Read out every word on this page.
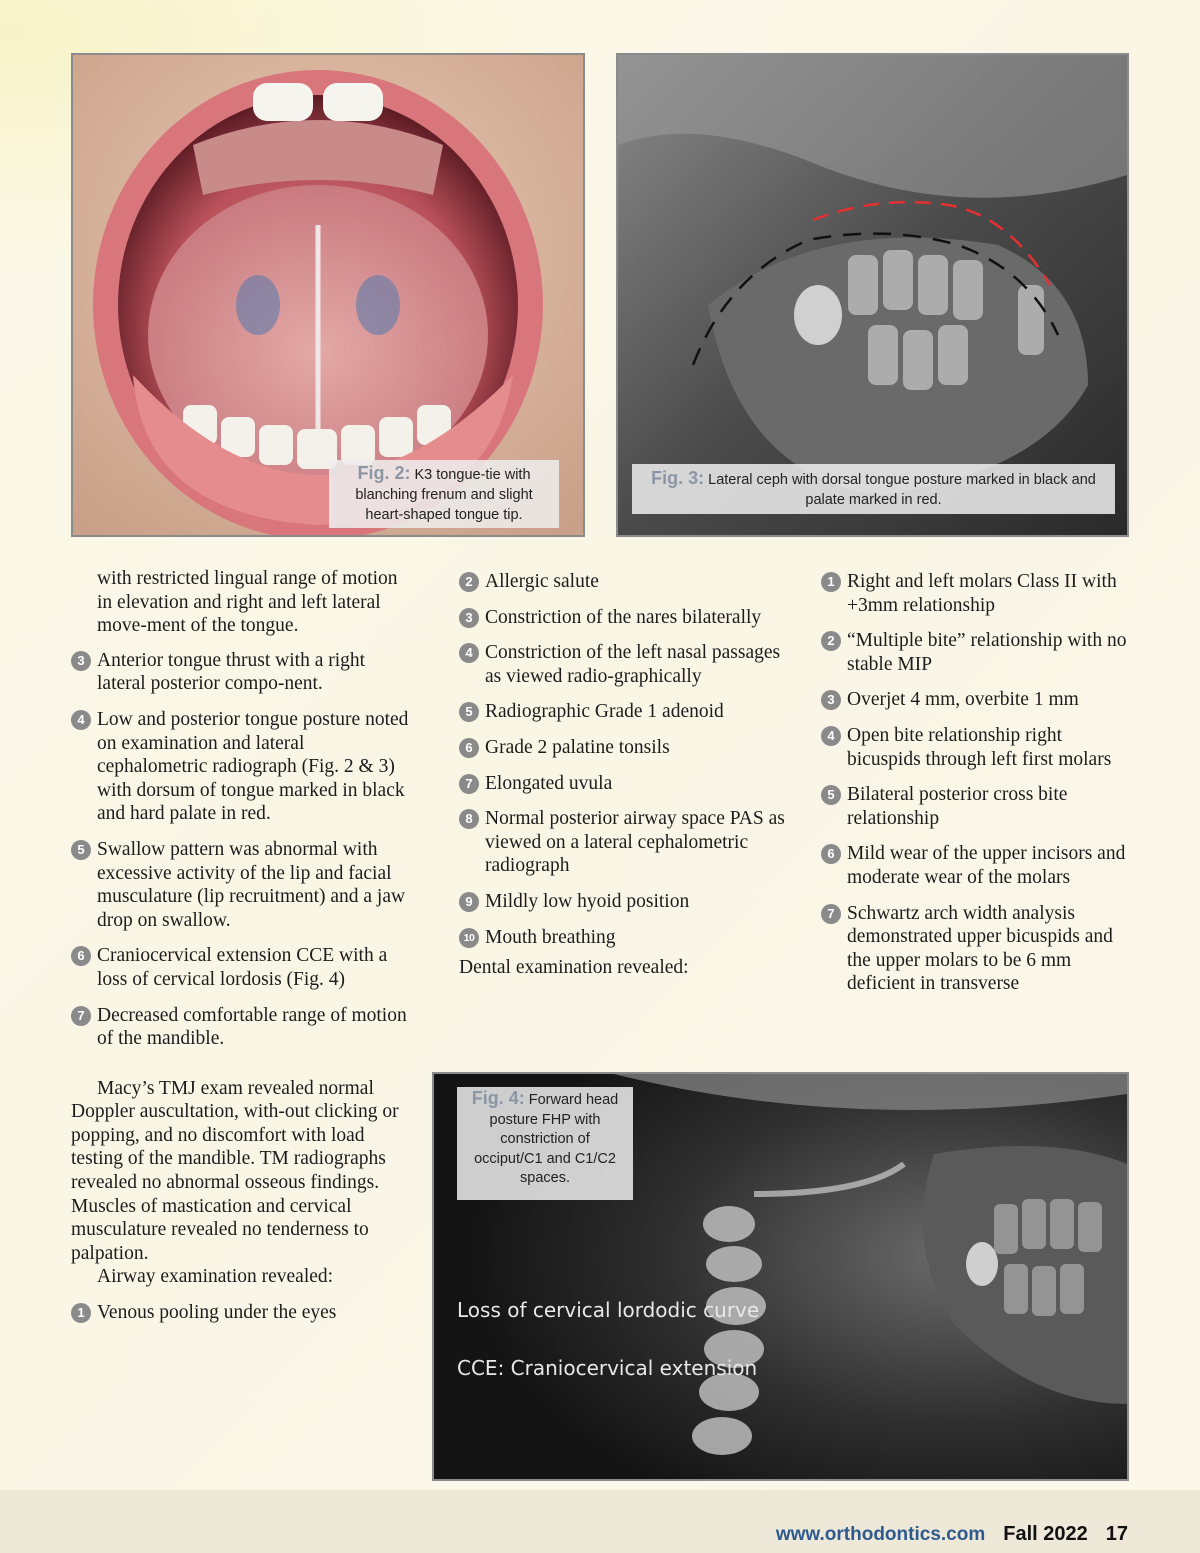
Fig. 2: K3 tongue-tie with blanching frenum and slight heart-shaped tongue tip.
Fig. 3: Lateral ceph with dorsal tongue posture marked in black and palate marked in red.
with restricted lingual range of motion in elevation and right and left lateral move-ment of the tongue.
3 Anterior tongue thrust with a right lateral posterior compo-nent.
4 Low and posterior tongue posture noted on examination and lateral cephalometric radiograph (Fig. 2 & 3) with dorsum of tongue marked in black and hard palate in red.
5 Swallow pattern was abnormal with excessive activity of the lip and facial musculature (lip recruitment) and a jaw drop on swallow.
6 Craniocervical extension CCE with a loss of cervical lordosis (Fig. 4)
7 Decreased comfortable range of motion of the mandible.

Macy’s TMJ exam revealed normal Doppler auscultation, with-out clicking or popping, and no discomfort with load testing of the mandible. TM radiographs revealed no abnormal osseous findings. Muscles of mastication and cervical musculature revealed no tenderness to palpation.

Airway examination revealed:

1 Venous pooling under the eyes
2 Allergic salute
3 Constriction of the nares bilaterally
4 Constriction of the left nasal passages as viewed radio-graphically
5 Radiographic Grade 1 adenoid
6 Grade 2 palatine tonsils
7 Elongated uvula
8 Normal posterior airway space PAS as viewed on a lateral cephalometric radiograph
9 Mildly low hyoid position
10 Mouth breathing

Dental examination revealed:

1 Right and left molars Class II with +3mm relationship
2 “Multiple bite” relationship with no stable MIP
3 Overjet 4 mm, overbite 1 mm
4 Open bite relationship right bicuspids through left first molars
5 Bilateral posterior cross bite relationship
6 Mild wear of the upper incisors and moderate wear of the molars
7 Schwartz arch width analysis demonstrated upper bicuspids and the upper molars to be 6 mm deficient in transverse
Fig. 4: Forward head posture FHP with constriction of occiput/C1 and C1/C2 spaces.
Loss of cervical lordodic curve
CCE: Craniocervical extension
www.orthodontics.com Fall 2022 17
